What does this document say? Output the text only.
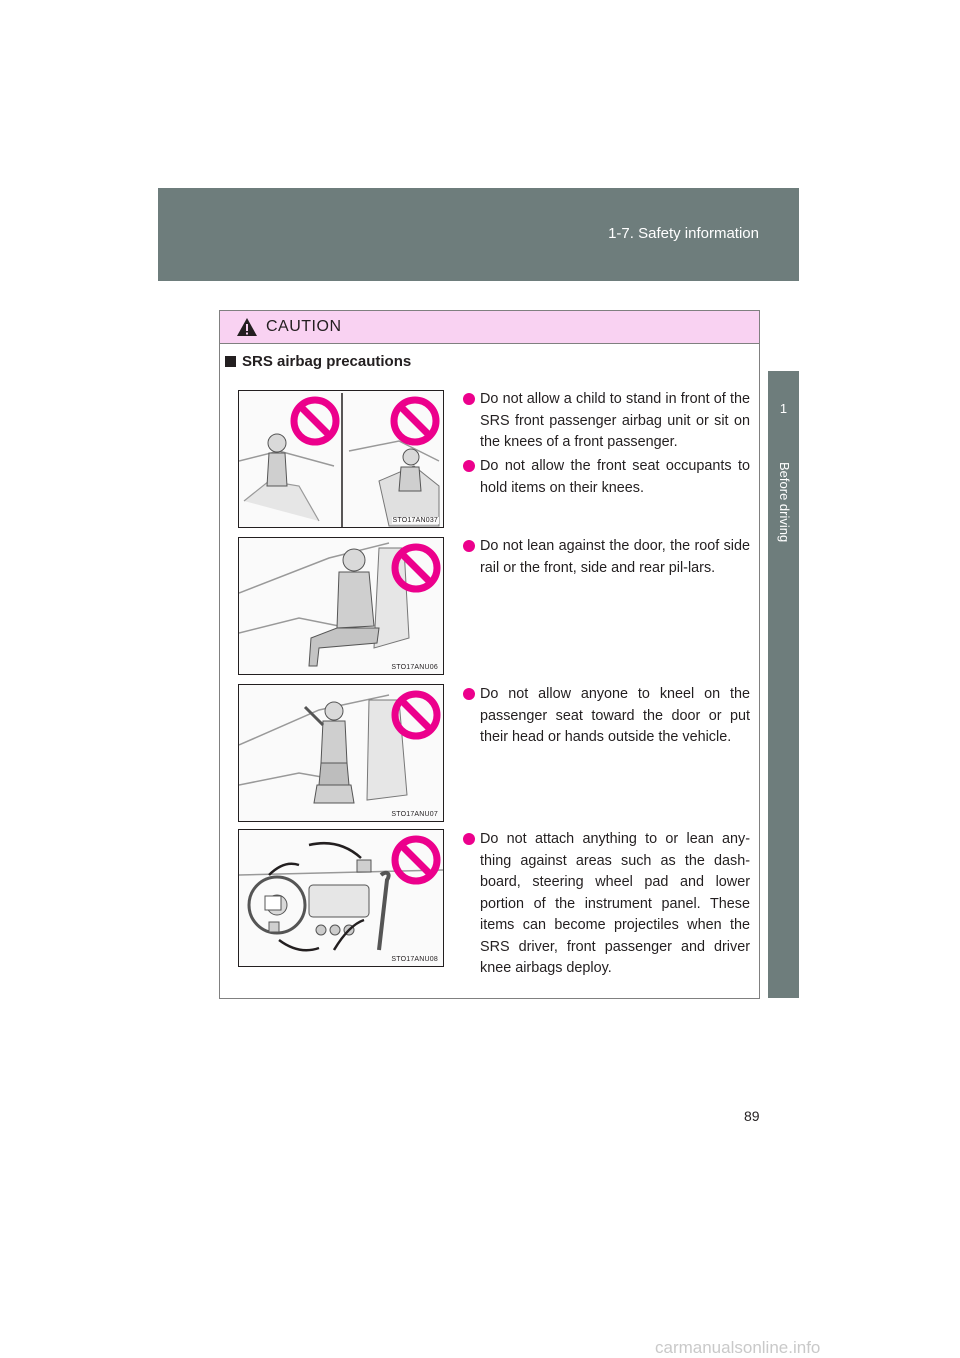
1-7. Safety information
1
Before driving
CAUTION
SRS airbag precautions
STO17AN037
STO17ANU06
STO17ANU07
STO17ANU08
Do not allow a child to stand in front of the SRS front passenger airbag unit or sit on the knees of a front passenger.
Do not allow the front seat occupants to hold items on their knees.
Do not lean against the door, the roof side rail or the front, side and rear pil-lars.
Do not allow anyone to kneel on the passenger seat toward the door or put their head or hands outside the vehicle.
Do not attach anything to or lean any-thing against areas such as the dash-board, steering wheel pad and lower portion of the instrument panel. These items can become projectiles when the SRS driver, front passenger and driver knee airbags deploy.
89
carmanualsonline.info
